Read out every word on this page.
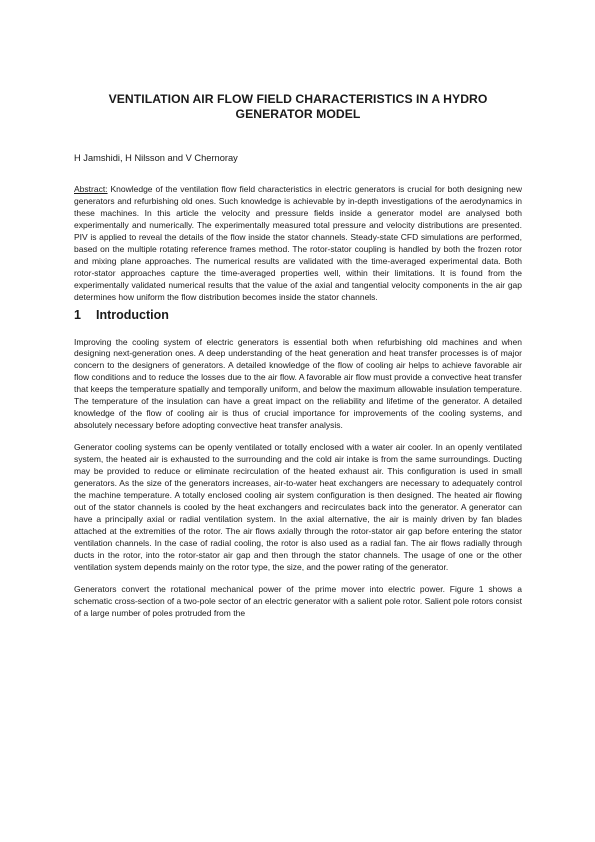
VENTILATION AIR FLOW FIELD CHARACTERISTICS IN A HYDRO GENERATOR MODEL

H Jamshidi, H Nilsson and V Chernoray

Abstract: Knowledge of the ventilation flow field characteristics in electric generators is crucial for both designing new generators and refurbishing old ones. Such knowledge is achievable by in-depth investigations of the aerodynamics in these machines. In this article the velocity and pressure fields inside a generator model are analysed both experimentally and numerically. The experimentally measured total pressure and velocity distributions are presented. PIV is applied to reveal the details of the flow inside the stator channels. Steady-state CFD simulations are performed, based on the multiple rotating reference frames method. The rotor-stator coupling is handled by both the frozen rotor and mixing plane approaches. The numerical results are validated with the time-averaged experimental data. Both rotor-stator approaches capture the time-averaged properties well, within their limitations. It is found from the experimentally validated numerical results that the value of the axial and tangential velocity components in the air gap determines how uniform the flow distribution becomes inside the stator channels.

1	Introduction

Improving the cooling system of electric generators is essential both when refurbishing old machines and when designing next-generation ones. A deep understanding of the heat generation and heat transfer processes is of major concern to the designers of generators. A detailed knowledge of the flow of cooling air helps to achieve favorable air flow conditions and to reduce the losses due to the air flow. A favorable air flow must provide a convective heat transfer that keeps the temperature spatially and temporally uniform, and below the maximum allowable insulation temperature. The temperature of the insulation can have a great impact on the reliability and lifetime of the generator. A detailed knowledge of the flow of cooling air is thus of crucial importance for improvements of the cooling systems, and absolutely necessary before adopting convective heat transfer analysis.

Generator cooling systems can be openly ventilated or totally enclosed with a water air cooler. In an openly ventilated system, the heated air is exhausted to the surrounding and the cold air intake is from the same surroundings. Ducting may be provided to reduce or eliminate recirculation of the heated exhaust air. This configuration is used in small generators. As the size of the generators increases, air-to-water heat exchangers are necessary to adequately control the machine temperature. A totally enclosed cooling air system configuration is then designed. The heated air flowing out of the stator channels is cooled by the heat exchangers and recirculates back into the generator. A generator can have a principally axial or radial ventilation system. In the axial alternative, the air is mainly driven by fan blades attached at the extremities of the rotor. The air flows axially through the rotor-stator air gap before entering the stator ventilation channels. In the case of radial cooling, the rotor is also used as a radial fan. The air flows radially through ducts in the rotor, into the rotor-stator air gap and then through the stator channels. The usage of one or the other ventilation system depends mainly on the rotor type, the size, and the power rating of the generator.

Generators convert the rotational mechanical power of the prime mover into electric power. Figure 1 shows a schematic cross-section of a two-pole sector of an electric generator with a salient pole rotor. Salient pole rotors consist of a large number of poles protruded from the
